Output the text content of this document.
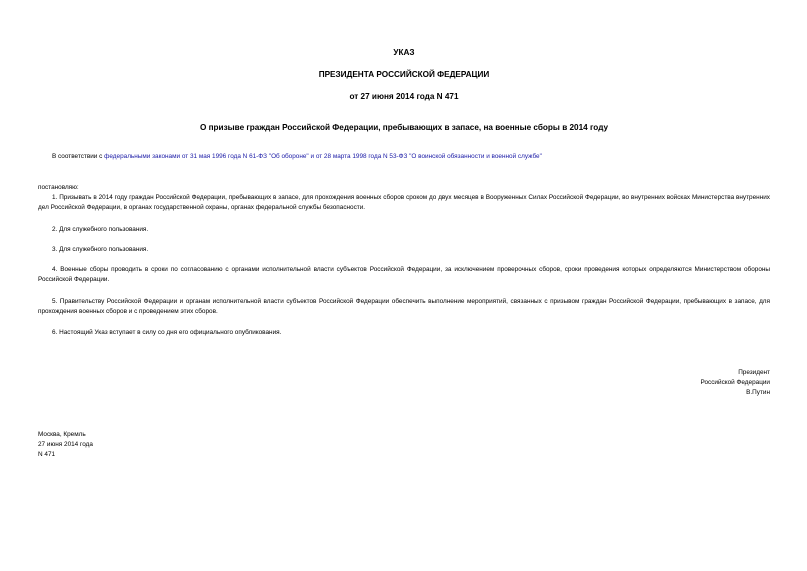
УКАЗ
ПРЕЗИДЕНТА РОССИЙСКОЙ ФЕДЕРАЦИИ
от 27 июня 2014 года N 471
О призыве граждан Российской Федерации, пребывающих в запасе, на военные сборы в 2014 году
В соответствии с федеральными законами от 31 мая 1996 года N 61-ФЗ "Об обороне" и от 28 марта 1998 года N 53-ФЗ "О воинской обязанности и военной службе"
постановляю:
1. Призывать в 2014 году граждан Российской Федерации, пребывающих в запасе, для прохождения военных сборов сроком до двух месяцев в Вооруженных Силах Российской Федерации, во внутренних войсках Министерства внутренних дел Российской Федерации, в органах государственной охраны, органах федеральной службы безопасности.
2. Для служебного пользования.
3. Для служебного пользования.
4. Военные сборы проводить в сроки по согласованию с органами исполнительной власти субъектов Российской Федерации, за исключением проверочных сборов, сроки проведения которых определяются Министерством обороны Российской Федерации.
5. Правительству Российской Федерации и органам исполнительной власти субъектов Российской Федерации обеспечить выполнение мероприятий, связанных с призывом граждан Российской Федерации, пребывающих в запасе, для прохождения военных сборов и с проведением этих сборов.
6. Настоящий Указ вступает в силу со дня его официального опубликования.
Президент
Российской Федерации
В.Путин
Москва, Кремль
27 июня 2014 года
N 471
